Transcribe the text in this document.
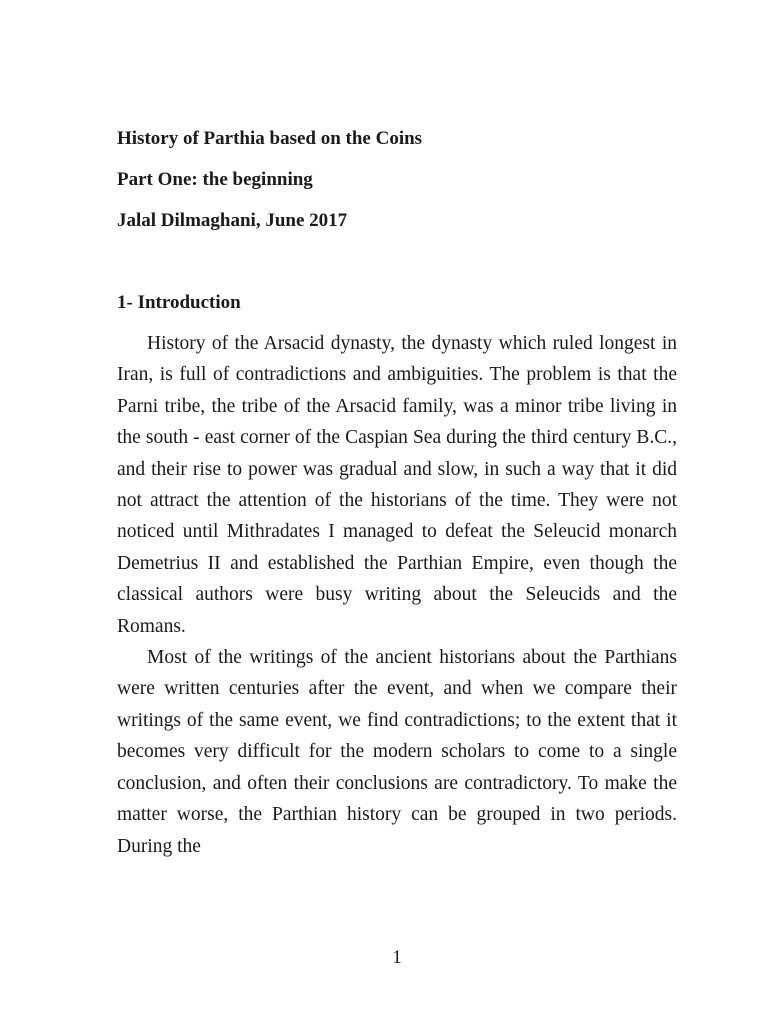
History of Parthia based on the Coins
Part One: the beginning
Jalal Dilmaghani, June 2017
1- Introduction

History of the Arsacid dynasty, the dynasty which ruled longest in Iran, is full of contradictions and ambiguities. The problem is that the Parni tribe, the tribe of the Arsacid family, was a minor tribe living in the south - east corner of the Caspian Sea during the third century B.C., and their rise to power was gradual and slow, in such a way that it did not attract the attention of the historians of the time. They were not noticed until Mithradates I managed to defeat the Seleucid monarch Demetrius II and established the Parthian Empire, even though the classical authors were busy writing about the Seleucids and the Romans.

Most of the writings of the ancient historians about the Parthians were written centuries after the event, and when we compare their writings of the same event, we find contradictions; to the extent that it becomes very difficult for the modern scholars to come to a single conclusion, and often their conclusions are contradictory. To make the matter worse, the Parthian history can be grouped in two periods. During the

1
